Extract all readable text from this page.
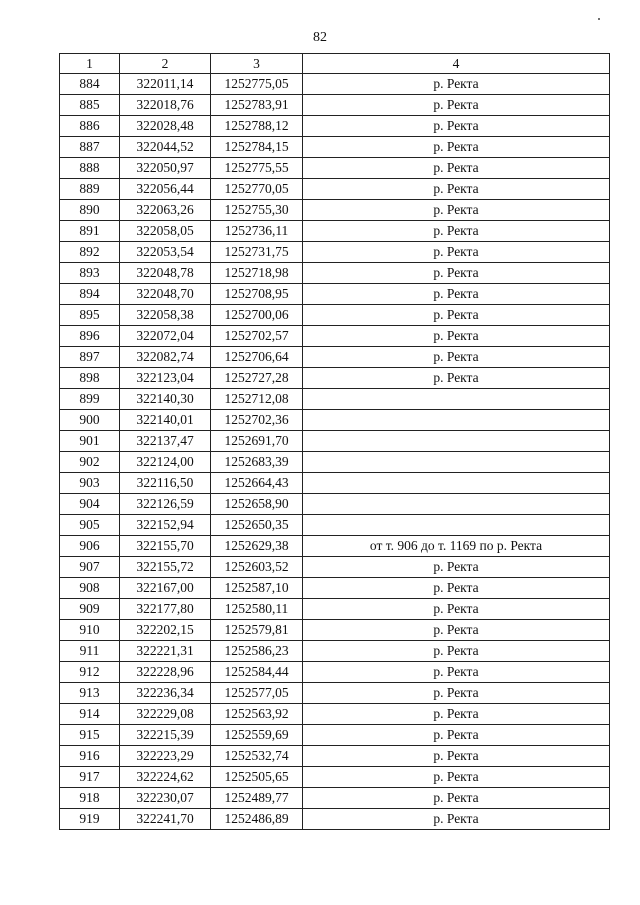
82
1	2	3	4
884	322011,14	1252775,05	р. Ректа
885	322018,76	1252783,91	р. Ректа
886	322028,48	1252788,12	р. Ректа
887	322044,52	1252784,15	р. Ректа
888	322050,97	1252775,55	р. Ректа
889	322056,44	1252770,05	р. Ректа
890	322063,26	1252755,30	р. Ректа
891	322058,05	1252736,11	р. Ректа
892	322053,54	1252731,75	р. Ректа
893	322048,78	1252718,98	р. Ректа
894	322048,70	1252708,95	р. Ректа
895	322058,38	1252700,06	р. Ректа
896	322072,04	1252702,57	р. Ректа
897	322082,74	1252706,64	р. Ректа
898	322123,04	1252727,28	р. Ректа
899	322140,30	1252712,08	
900	322140,01	1252702,36	
901	322137,47	1252691,70	
902	322124,00	1252683,39	
903	322116,50	1252664,43	
904	322126,59	1252658,90	
905	322152,94	1252650,35	
906	322155,70	1252629,38	от т. 906 до т. 1169 по р. Ректа
907	322155,72	1252603,52	р. Ректа
908	322167,00	1252587,10	р. Ректа
909	322177,80	1252580,11	р. Ректа
910	322202,15	1252579,81	р. Ректа
911	322221,31	1252586,23	р. Ректа
912	322228,96	1252584,44	р. Ректа
913	322236,34	1252577,05	р. Ректа
914	322229,08	1252563,92	р. Ректа
915	322215,39	1252559,69	р. Ректа
916	322223,29	1252532,74	р. Ректа
917	322224,62	1252505,65	р. Ректа
918	322230,07	1252489,77	р. Ректа
919	322241,70	1252486,89	р. Ректа
